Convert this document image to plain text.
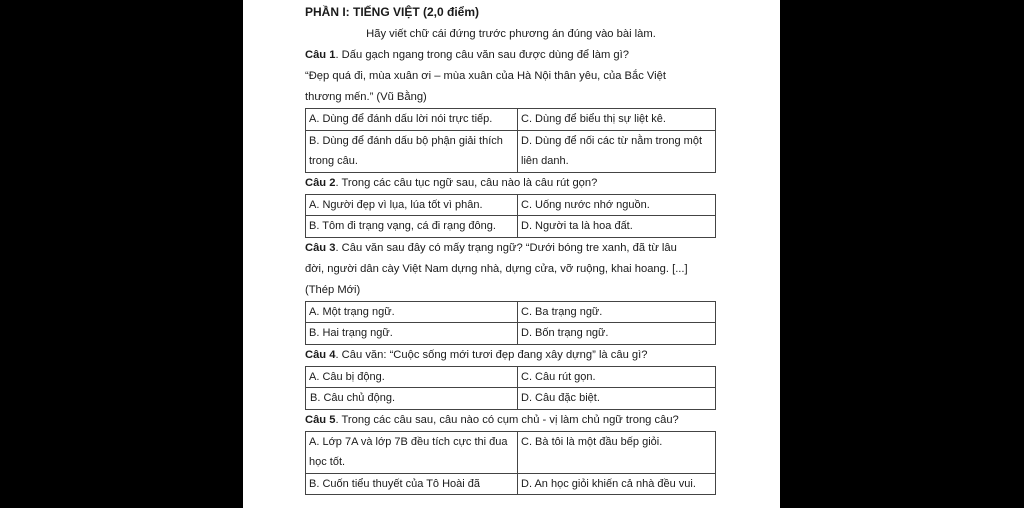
PHẦN I: TIẾNG VIỆT (2,0 điểm)
Hãy viết chữ cái đứng trước phương án đúng vào bài làm.
Câu 1. Dấu gạch ngang trong câu văn sau được dùng để làm gì?
“Đẹp quá đi, mùa xuân ơi – mùa xuân của Hà Nội thân yêu, của Bắc Việt
thương mến.” (Vũ Bằng)
A. Dùng để đánh dấu lời nói trực tiếp.	C. Dùng để biểu thị sự liệt kê.
B. Dùng để đánh dấu bộ phận giải thích trong câu.	D. Dùng để nối các từ nằm trong một liên danh.
Câu 2. Trong các câu tục ngữ sau, câu nào là câu rút gọn?
A. Người đẹp vì lụa, lúa tốt vì phân.	C. Uống nước nhớ nguồn.
B. Tôm đi trạng vạng, cá đi rạng đông.	D. Người ta là hoa đất.
Câu 3. Câu văn sau đây có mấy trạng ngữ? “Dưới bóng tre xanh, đã từ lâu
đời, người dân cày Việt Nam dựng nhà, dựng cửa, vỡ ruộng, khai hoang. [...]
(Thép Mới)
A. Một trạng ngữ.	C. Ba trạng ngữ.
B. Hai trạng ngữ.	D. Bốn trạng ngữ.
Câu 4. Câu văn: “Cuộc sống mới tươi đẹp đang xây dựng” là câu gì?
A. Câu bị động.	C. Câu rút gọn.
B. Câu chủ động.	D. Câu đặc biệt.
Câu 5. Trong các câu sau, câu nào có cụm chủ - vị làm chủ ngữ trong câu?
A. Lớp 7A và lớp 7B đều tích cực thi đua học tốt.	C. Bà tôi là một đầu bếp giỏi.
B. Cuốn tiểu thuyết của Tô Hoài đã	D. An học giỏi khiến cả nhà đều vui.
